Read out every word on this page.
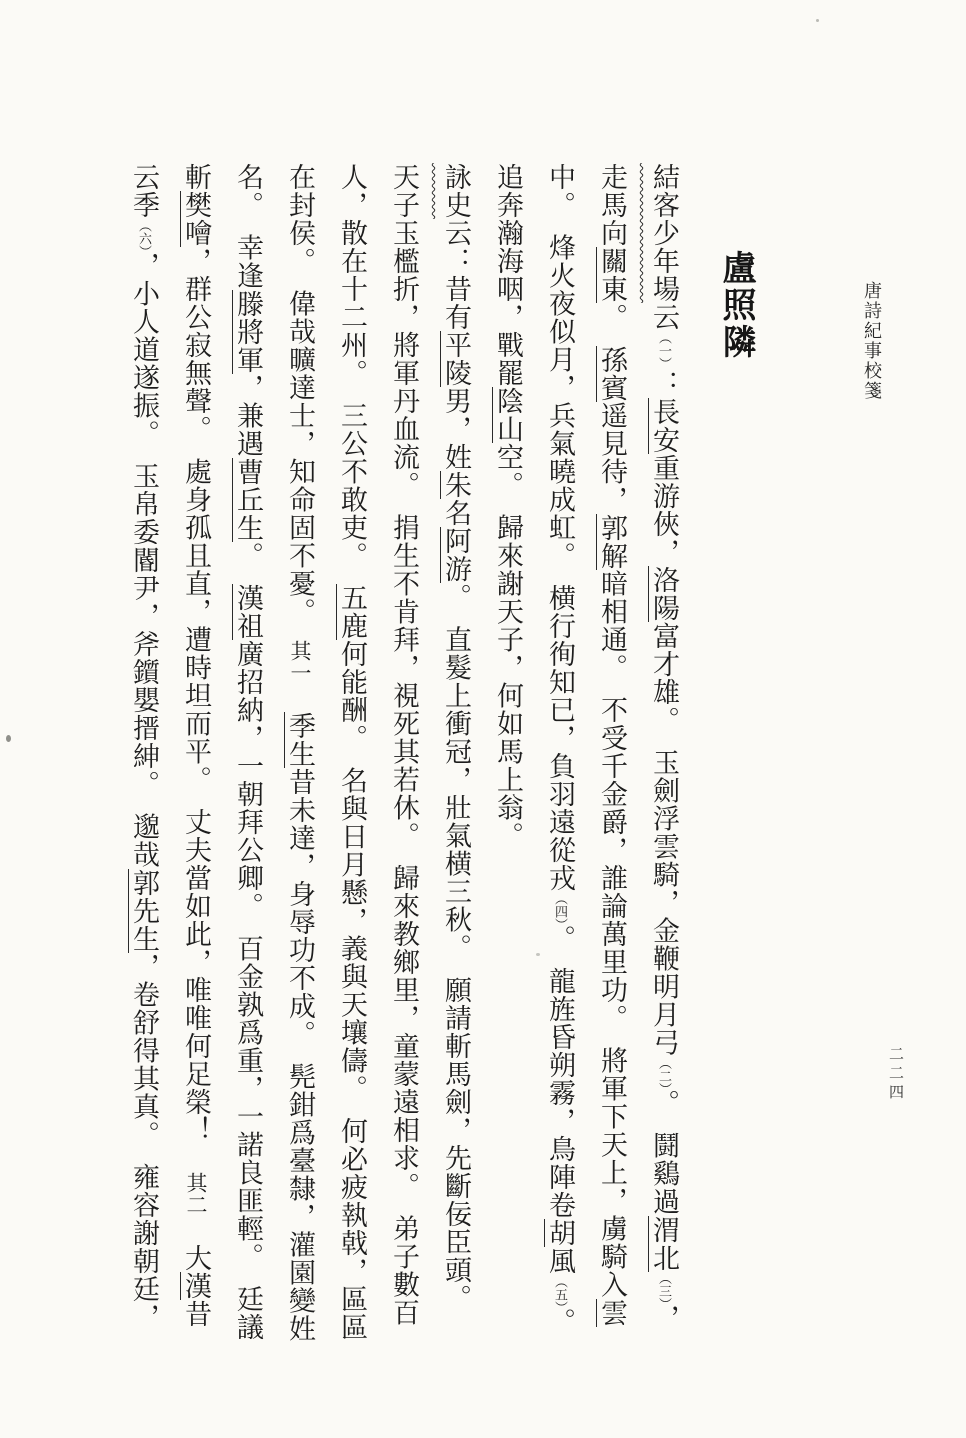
唐詩紀事校箋
二二四
盧照隣
結客少年場云（一）：長安重游俠，洛陽富才雄。　玉劍浮雲騎，金鞭明月弓（二）。　鬪鷄過渭北（三），
走馬向關東。　孫賓遥見待，郭解暗相通。　不受千金爵，誰論萬里功。　將軍下天上，虜騎入雲
中。　烽火夜似月，兵氣曉成虹。　横行徇知已，負羽遠從戎（四）。　龍旌昏朔霧，鳥陣卷胡風（五）。
追奔瀚海咽，戰罷陰山空。　歸來謝天子，何如馬上翁。
詠史云：昔有平陵男，姓朱名阿游。　直髮上衝冠，壯氣横三秋。　願請斬馬劍，先斷佞臣頭。
天子玉檻折，將軍丹血流。　捐生不肯拜，視死其若休。　歸來教鄉里，童蒙遠相求。　弟子數百
人，散在十二州。　三公不敢吏。　五鹿何能酬。　名與日月懸，義與天壤儔。　何必疲執戟，區區
在封侯。　偉哉曠達士，知命固不憂。　其一　季生昔未達，身辱功不成。　髡鉗爲臺隸，灌園變姓
名。　幸逢滕將軍，兼遇曹丘生。　漢祖廣招納，一朝拜公卿。　百金孰爲重，一諾良匪輕。　廷議
斬樊噲，群公寂無聲。　處身孤且直，遭時坦而平。　丈夫當如此，唯唯何足榮！　其二　大漢昔
云季（六），小人道遂振。　玉帛委閽尹，斧鑕嬰搢紳。　邈哉郭先生，卷舒得其真。　雍容謝朝廷，
